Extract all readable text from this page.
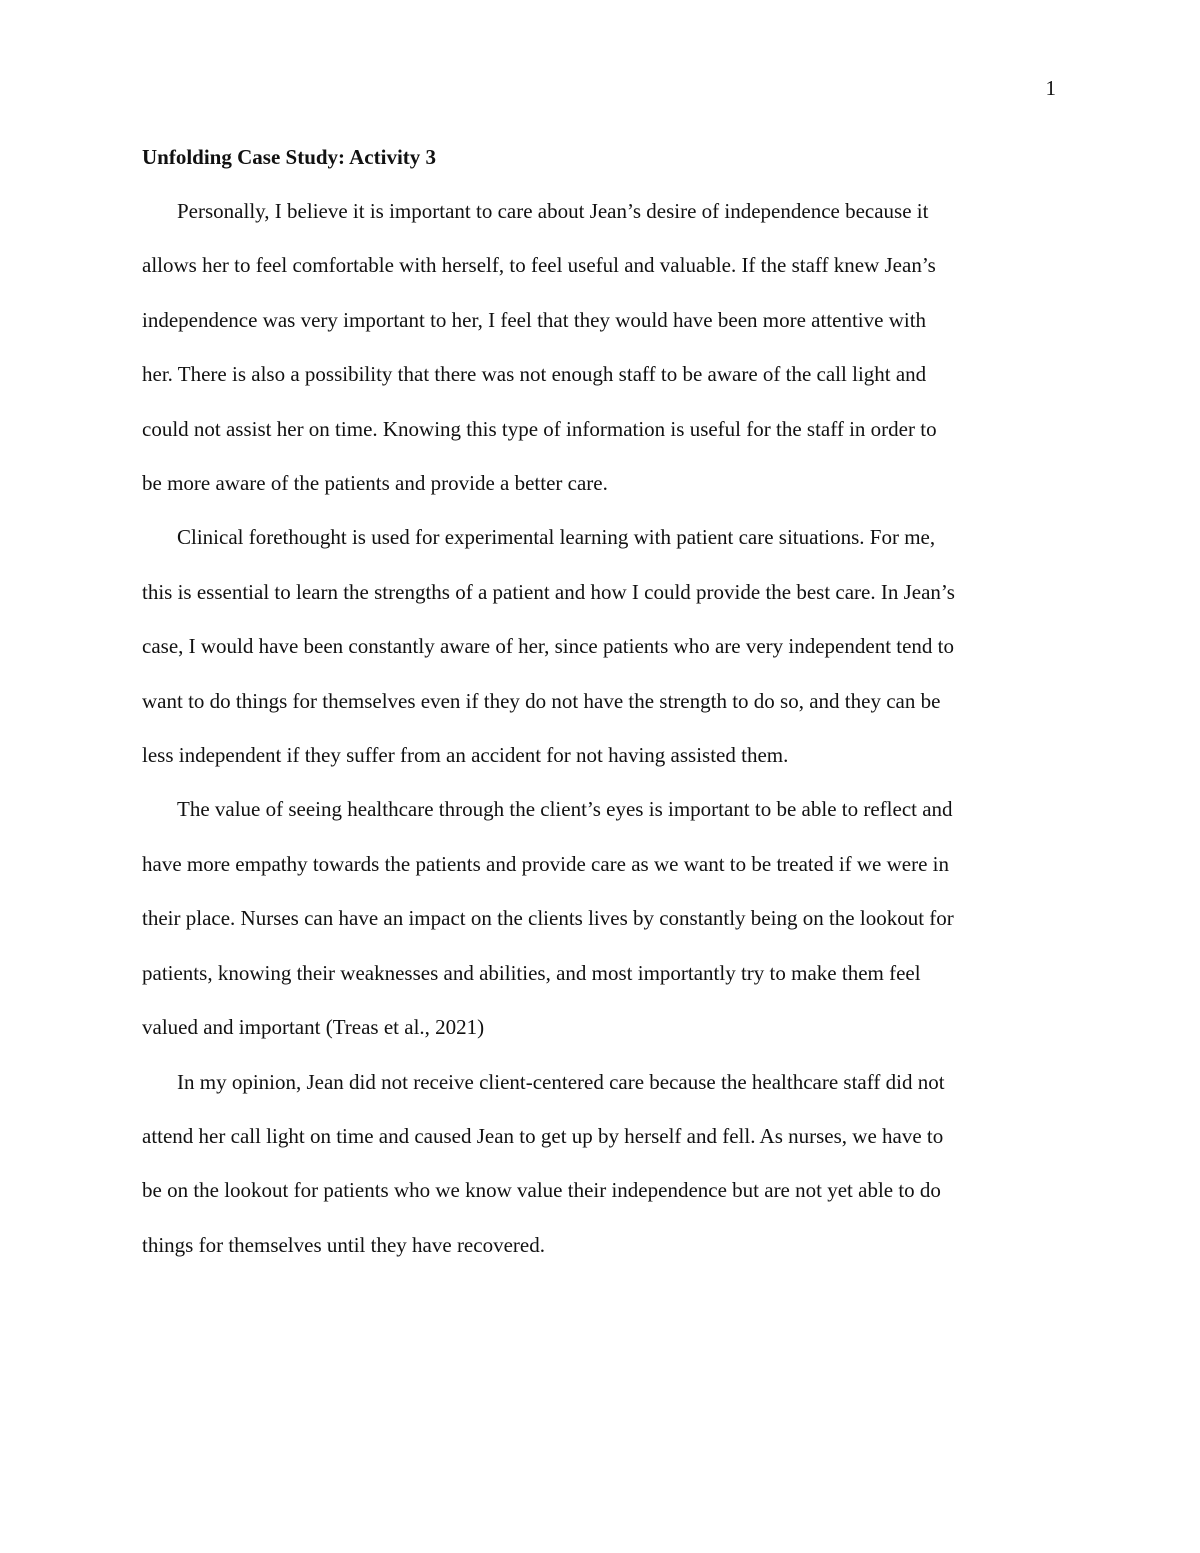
1
Unfolding Case Study: Activity 3

Personally, I believe it is important to care about Jean’s desire of independence because it
allows her to feel comfortable with herself, to feel useful and valuable. If the staff knew Jean’s
independence was very important to her, I feel that they would have been more attentive with
her. There is also a possibility that there was not enough staff to be aware of the call light and
could not assist her on time. Knowing this type of information is useful for the staff in order to
be more aware of the patients and provide a better care.

Clinical forethought is used for experimental learning with patient care situations. For me,
this is essential to learn the strengths of a patient and how I could provide the best care. In Jean’s
case, I would have been constantly aware of her, since patients who are very independent tend to
want to do things for themselves even if they do not have the strength to do so, and they can be
less independent if they suffer from an accident for not having assisted them.

The value of seeing healthcare through the client’s eyes is important to be able to reflect and
have more empathy towards the patients and provide care as we want to be treated if we were in
their place. Nurses can have an impact on the clients lives by constantly being on the lookout for
patients, knowing their weaknesses and abilities, and most importantly try to make them feel
valued and important (Treas et al., 2021)

In my opinion, Jean did not receive client-centered care because the healthcare staff did not
attend her call light on time and caused Jean to get up by herself and fell. As nurses, we have to
be on the lookout for patients who we know value their independence but are not yet able to do
things for themselves until they have recovered.
